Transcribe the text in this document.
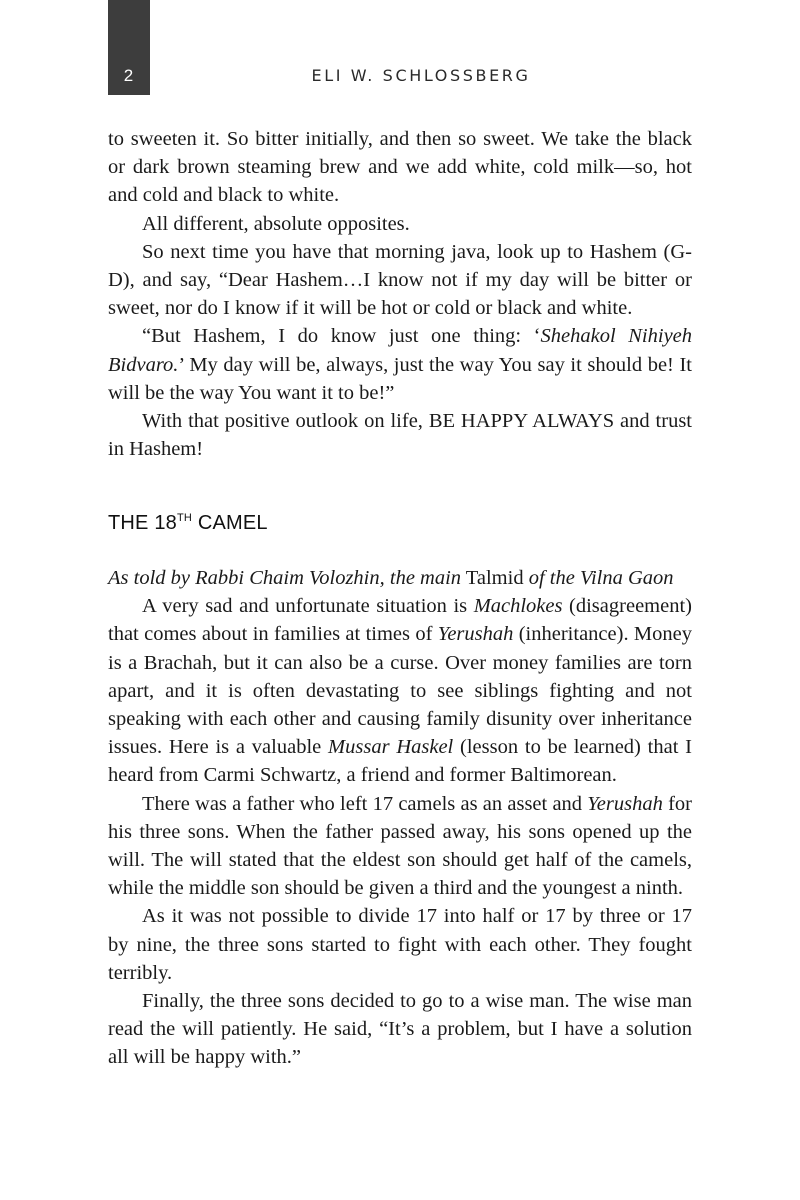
2	ELI W. SCHLOSSBERG

to sweeten it. So bitter initially, and then so sweet. We take the black or dark brown steaming brew and we add white, cold milk—so, hot and cold and black to white.

All different, absolute opposites.

So next time you have that morning java, look up to Hashem (G-D), and say, “Dear Hashem…I know not if my day will be bitter or sweet, nor do I know if it will be hot or cold or black and white.

“But Hashem, I do know just one thing: ‘Shehakol Nihiyeh Bidvaro.’ My day will be, always, just the way You say it should be! It will be the way You want it to be!”

With that positive outlook on life, BE HAPPY ALWAYS and trust in Hashem!

THE 18TH CAMEL

As told by Rabbi Chaim Volozhin, the main Talmid of the Vilna Gaon

A very sad and unfortunate situation is Machlokes (disagreement) that comes about in families at times of Yerushah (inheritance). Money is a Brachah, but it can also be a curse. Over money families are torn apart, and it is often devastating to see siblings fighting and not speaking with each other and causing family disunity over inheritance issues. Here is a valuable Mussar Haskel (lesson to be learned) that I heard from Carmi Schwartz, a friend and former Baltimorean.

There was a father who left 17 camels as an asset and Yerushah for his three sons. When the father passed away, his sons opened up the will. The will stated that the eldest son should get half of the camels, while the middle son should be given a third and the youngest a ninth.

As it was not possible to divide 17 into half or 17 by three or 17 by nine, the three sons started to fight with each other. They fought terribly.

Finally, the three sons decided to go to a wise man. The wise man read the will patiently. He said, “It’s a problem, but I have a solution all will be happy with.”
